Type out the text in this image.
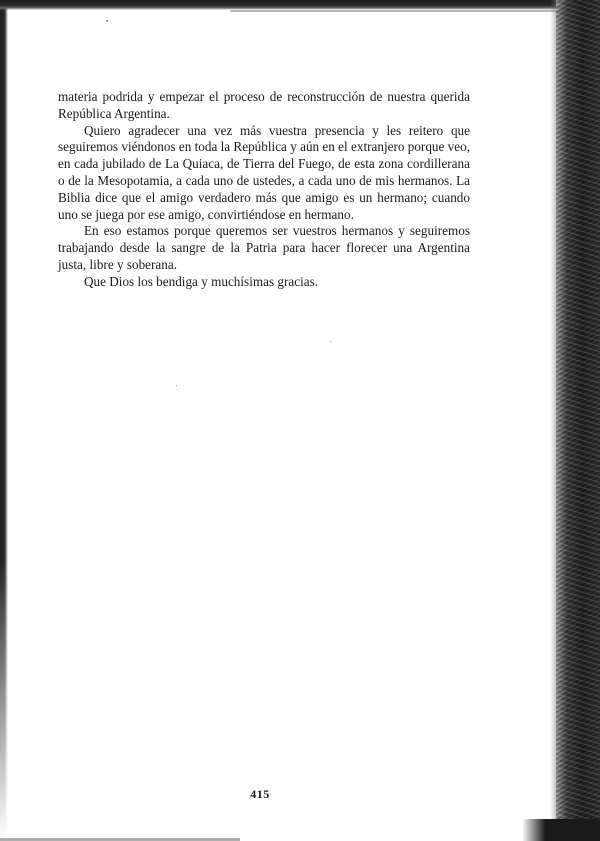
materia podrida y empezar el proceso de reconstrucción de nuestra querida República Argentina.

Quiero agradecer una vez más vuestra presencia y les reitero que seguiremos viéndonos en toda la República y aún en el extranjero porque veo, en cada jubilado de La Quiaca, de Tierra del Fuego, de esta zona cordillerana o de la Mesopotamia, a cada uno de ustedes, a cada uno de mis hermanos. La Biblia dice que el amigo verdadero más que amigo es un hermano; cuando uno se juega por ese amigo, convirtiéndose en hermano.

En eso estamos porque queremos ser vuestros hermanos y seguiremos trabajando desde la sangre de la Patria para hacer florecer una Argentina justa, libre y soberana.

Que Dios los bendiga y muchísimas gracias.

415
